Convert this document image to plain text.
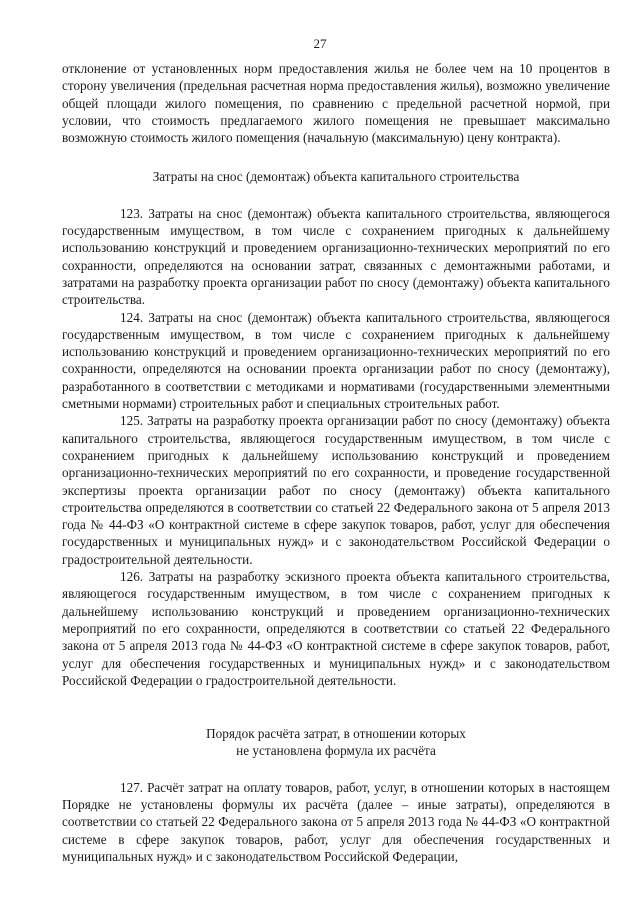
27

отклонение от установленных норм предоставления жилья не более чем на 10 процентов в сторону увеличения (предельная расчетная норма предоставления жилья), возможно увеличение общей площади жилого помещения, по сравнению с предельной расчетной нормой, при условии, что стоимость предлагаемого жилого помещения не превышает максимально возможную стоимость жилого помещения (начальную (максимальную) цену контракта).

Затраты на снос (демонтаж) объекта капитального строительства

123. Затраты на снос (демонтаж) объекта капитального строительства, являющегося государственным имуществом, в том числе с сохранением пригодных к дальнейшему использованию конструкций и проведением организационно-технических мероприятий по его сохранности, определяются на основании затрат, связанных с демонтажными работами, и затратами на разработку проекта организации работ по сносу (демонтажу) объекта капитального строительства.

124. Затраты на снос (демонтаж) объекта капитального строительства, являющегося государственным имуществом, в том числе с сохранением пригодных к дальнейшему использованию конструкций и проведением организационно-технических мероприятий по его сохранности, определяются на основании проекта организации работ по сносу (демонтажу), разработанного в соответствии с методиками и нормативами (государственными элементными сметными нормами) строительных работ и специальных строительных работ.

125. Затраты на разработку проекта организации работ по сносу (демонтажу) объекта капитального строительства, являющегося государственным имуществом, в том числе с сохранением пригодных к дальнейшему использованию конструкций и проведением организационно-технических мероприятий по его сохранности, и проведение государственной экспертизы проекта организации работ по сносу (демонтажу) объекта капитального строительства определяются в соответствии со статьей 22 Федерального закона от 5 апреля 2013 года № 44-ФЗ «О контрактной системе в сфере закупок товаров, работ, услуг для обеспечения государственных и муниципальных нужд» и с законодательством Российской Федерации о градостроительной деятельности.

126. Затраты на разработку эскизного проекта объекта капитального строительства, являющегося государственным имуществом, в том числе с сохранением пригодных к дальнейшему использованию конструкций и проведением организационно-технических мероприятий по его сохранности, определяются в соответствии со статьей 22 Федерального закона от 5 апреля 2013 года № 44-ФЗ «О контрактной системе в сфере закупок товаров, работ, услуг для обеспечения государственных и муниципальных нужд» и с законодательством Российской Федерации о градостроительной деятельности.

Порядок расчёта затрат, в отношении которых
не установлена формула их расчёта

127. Расчёт затрат на оплату товаров, работ, услуг, в отношении которых в настоящем Порядке не установлены формулы их расчёта (далее – иные затраты), определяются в соответствии со статьей 22 Федерального закона от 5 апреля 2013 года № 44-ФЗ «О контрактной системе в сфере закупок товаров, работ, услуг для обеспечения государственных и муниципальных нужд» и с законодательством Российской Федерации,
